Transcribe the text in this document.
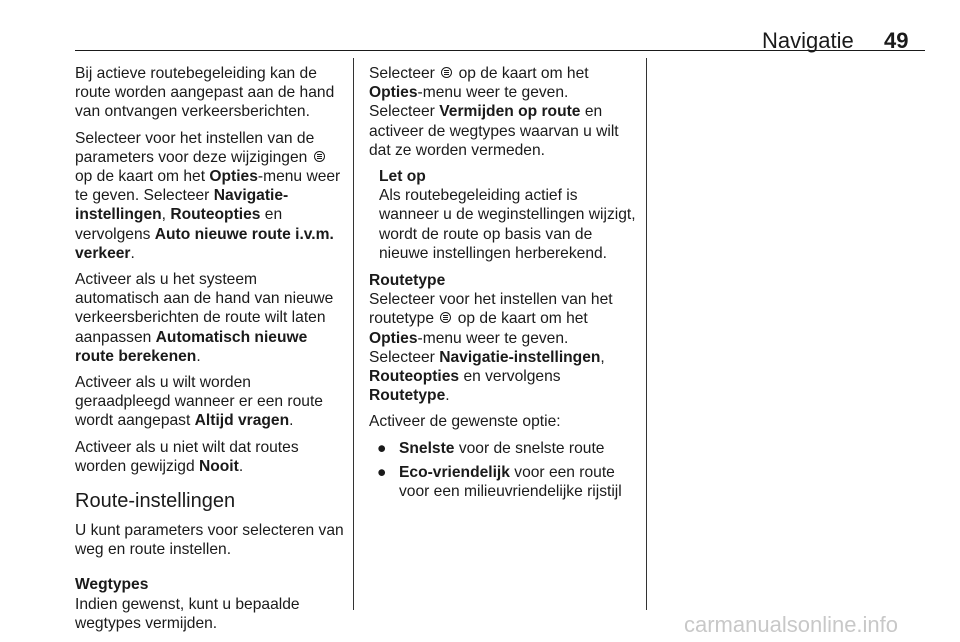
Navigatie 49

Bij actieve routebegeleiding kan de route worden aangepast aan de hand van ontvangen verkeersberichten.

Selecteer voor het instellen van de parameters voor deze wijzigingen  op de kaart om het Opties-menu weer te geven. Selecteer Navigatie-instellingen, Routeopties en vervolgens Auto nieuwe route i.v.m. verkeer.

Activeer als u het systeem automatisch aan de hand van nieuwe verkeersberichten de route wilt laten aanpassen Automatisch nieuwe route berekenen.

Activeer als u wilt worden geraadpleegd wanneer er een route wordt aangepast Altijd vragen.

Activeer als u niet wilt dat routes worden gewijzigd Nooit.

Route-instellingen

U kunt parameters voor selecteren van weg en route instellen.

Wegtypes

Indien gewenst, kunt u bepaalde wegtypes vermijden.

Selecteer op de kaart om het Opties-menu weer te geven. Selecteer Vermijden op route en activeer de wegtypes waarvan u wilt dat ze worden vermeden.

Let op
Als routebegeleiding actief is wanneer u de weginstellingen wijzigt, wordt de route op basis van de nieuwe instellingen herberekend.

Routetype

Selecteer voor het instellen van het routetype op de kaart om het Opties-menu weer te geven. Selecteer Navigatie-instellingen, Routeopties en vervolgens Routetype.

Activeer de gewenste optie:

● Snelste voor de snelste route
● Eco-vriendelijk voor een route voor een milieuvriendelijke rijstijl
carmanualsonline.info
